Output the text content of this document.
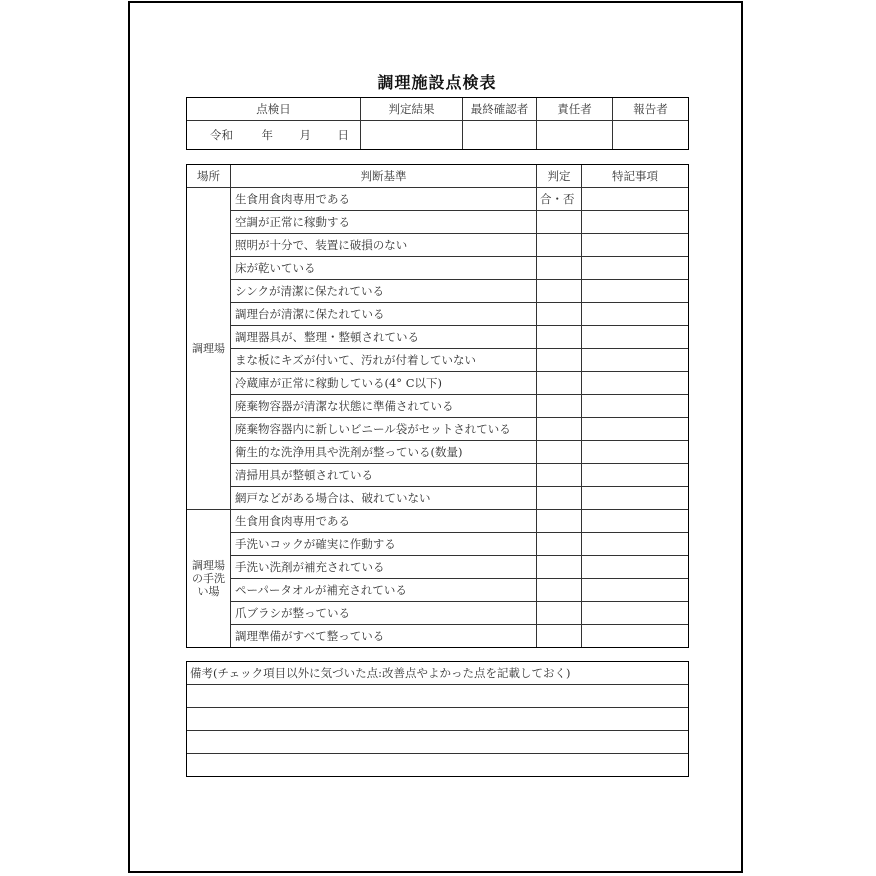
調理施設点検表
点検日	判定結果	最終確認者	責任者	報告者
令和 年 月 日				
場所	判断基準	判定	特記事項
調理場	生食用食肉専用である	合・否	
	空調が正常に稼動する		
	照明が十分で、装置に破損のない		
	床が乾いている		
	シンクが清潔に保たれている		
	調理台が清潔に保たれている		
	調理器具が、整理・整頓されている		
	まな板にキズが付いて、汚れが付着していない		
	冷蔵庫が正常に稼動している(4° C以下)		
	廃棄物容器が清潔な状態に準備されている		
	廃棄物容器内に新しいビニール袋がセットされている		
	衛生的な洗浄用具や洗剤が整っている(数量)		
	清掃用具が整頓されている		
	網戸などがある場合は、破れていない		
調理場の手洗い場	生食用食肉専用である		
	手洗いコックが確実に作動する		
	手洗い洗剤が補充されている		
	ペーパータオルが補充されている		
	爪ブラシが整っている		
	調理準備がすべて整っている		
備考(チェック項目以外に気づいた点:改善点やよかった点を記載しておく)
